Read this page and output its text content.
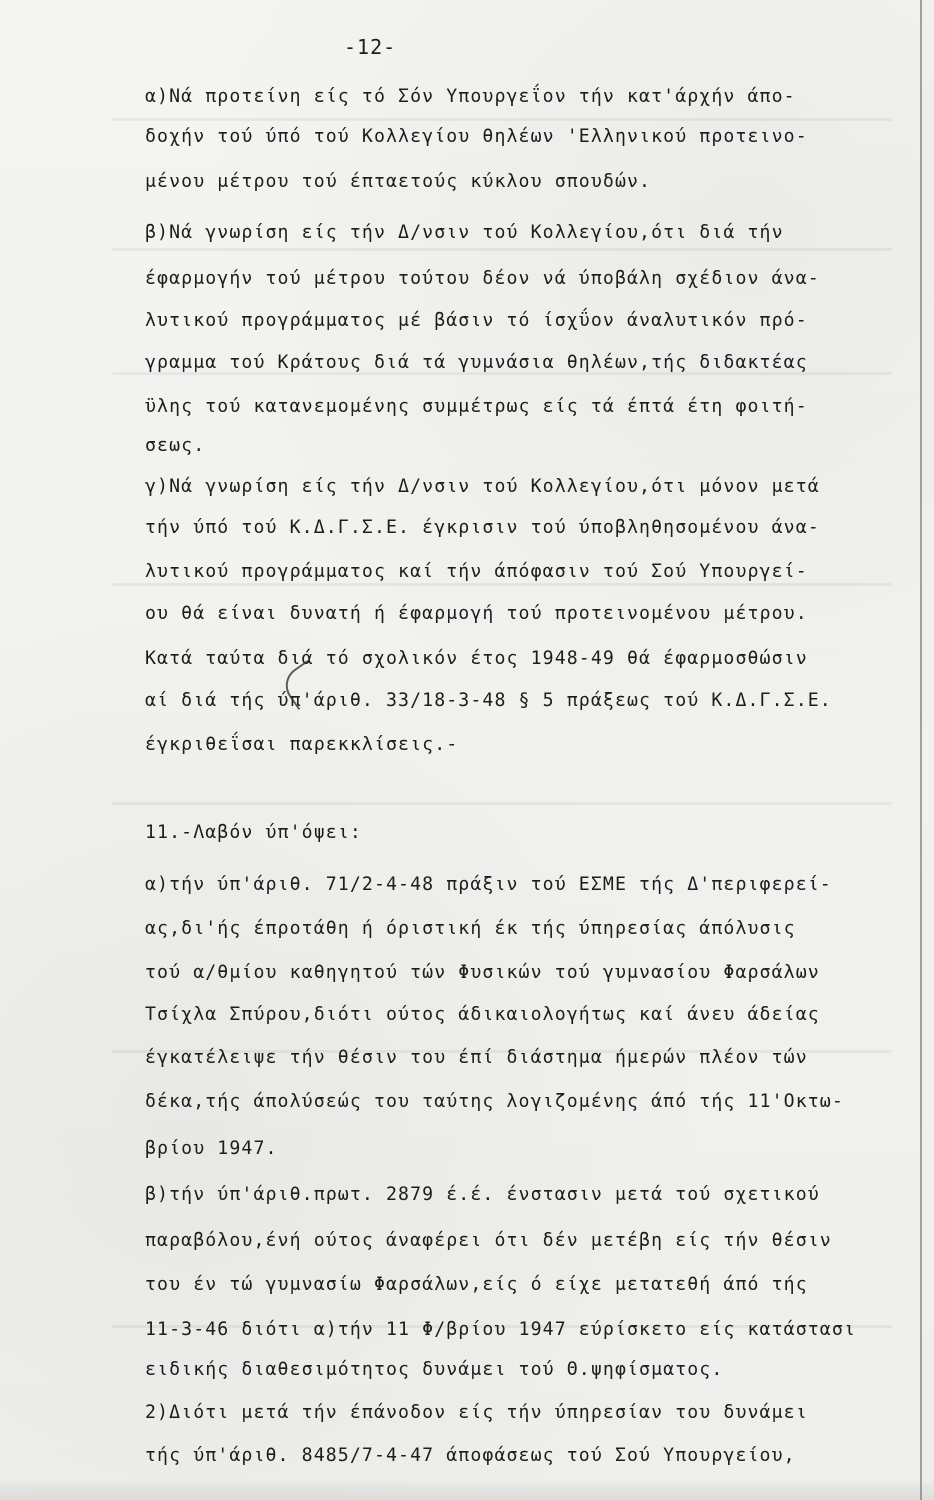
-12-
α)Νά προτείνη είς τό Σόν Υπουργεΐον τήν κατ'άρχήν άπο-
δοχήν τού ύπό τού Κολλεγίου θηλέων 'Ελληνικού προτεινο-
μένου μέτρου τού έπταετούς κύκλου σπουδών.
β)Νά γνωρίση είς τήν Δ/νσιν τού Κολλεγίου,ότι διά τήν
έφαρμογήν τού μέτρου τούτου δέον νά ύποβάλη σχέδιον άνα-
λυτικού προγράμματος μέ βάσιν τό ίσχΰον άναλυτικόν πρό-
γραμμα τού Κράτους διά τά γυμνάσια θηλέων,τής διδακτέας
ϋλης τού κατανεμομένης συμμέτρως είς τά έπτά έτη φοιτή-
σεως.
γ)Νά γνωρίση είς τήν Δ/νσιν τού Κολλεγίου,ότι μόνον μετά
τήν ύπό τού Κ.Δ.Γ.Σ.Ε. έγκρισιν τού ύποβληθησομένου άνα-
λυτικού προγράμματος καί τήν άπόφασιν τού Σού Υπουργεί-
ου θά είναι δυνατή ή έφαρμογή τού προτεινομένου μέτρου.
Κατά ταύτα διά τό σχολικόν έτος 1948-49 θά έφαρμοσθώσιν
αί διά τής ύπ'άριθ. 33/18-3-48 § 5 πράξεως τού Κ.Δ.Γ.Σ.Ε.
έγκριθεΐσαι παρεκκλίσεις.-
11.-Λαβόν ύπ'όψει:
α)τήν ύπ'άριθ. 71/2-4-48 πράξιν τού ΕΣΜΕ τής Δ'περιφερεί-
ας,δι'ής έπροτάθη ή όριστική έκ τής ύπηρεσίας άπόλυσις
τού α/θμίου καθηγητού τών Φυσικών τού γυμνασίου Φαρσάλων
Τσίχλα Σπύρου,διότι ούτος άδικαιολογήτως καί άνευ άδείας
έγκατέλειψε τήν θέσιν του έπί διάστημα ήμερών πλέον τών
δέκα,τής άπολύσεώς του ταύτης λογιζομένης άπό τής 11'Οκτω-
βρίου 1947.
β)τήν ύπ'άριθ.πρωτ. 2879 έ.έ. ένστασιν μετά τού σχετικού
παραβόλου,ένή ούτος άναφέρει ότι δέν μετέβη είς τήν θέσιν
του έν τώ γυμνασίω Φαρσάλων,είς ό είχε μετατεθή άπό τής
11-3-46 διότι α)τήν 11 Φ/βρίου 1947 εύρίσκετο είς κατάστασι
ειδικής διαθεσιμότητος δυνάμει τού Θ.ψηφίσματος.
2)Διότι μετά τήν έπάνοδον είς τήν ύπηρεσίαν του δυνάμει
τής ύπ'άριθ. 8485/7-4-47 άποφάσεως τού Σού Υπουργείου,
